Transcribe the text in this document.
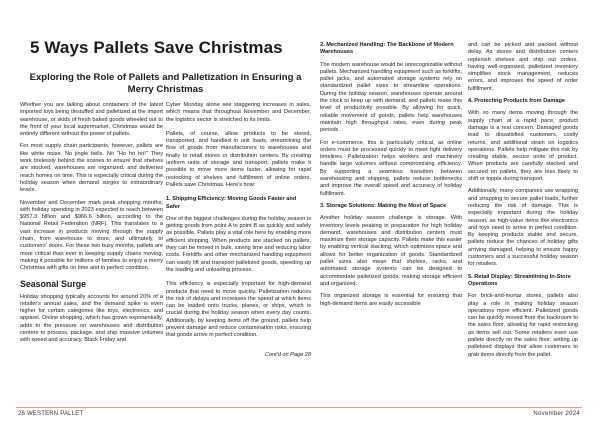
5 Ways Pallets Save Christmas
Exploring the Role of Pallets and Palletization in Ensuring a Merry Christmas

Whether you are talking about containers of the latest imported toys being destuffed and palletized at the import warehouse, or skids of fresh baked goods wheeled out to the front of your local supermarket, Christmas would be entirely different without the power of pallets.

For most supply chain participants, however, pallets are like white noise. No jingle bells. No "Ho ho ho!" They work tirelessly behind the scenes to ensure that shelves are stocked, warehouses are organized, and deliveries reach homes on time. This is especially critical during the holiday season when demand surges to extraordinary levels.

November and December mark peak shopping months, with holiday spending in 2023 expected to reach between $957.3 billion and $966.6 billion, according to the National Retail Federation (NRF). This translates to a vast increase in products moving through the supply chain, from warehouse to store, and ultimately, to customers' doors. For these two busy months, pallets are more critical than ever in keeping supply chains moving, making it possible for millions of families to enjoy a merry Christmas with gifts on time and in perfect condition.

Seasonal Surge

Holiday shopping typically accounts for around 20% of a retailer's annual sales, and the demand spike is even higher for certain categories like toys, electronics, and apparel. Online shopping, which has grown exponentially, adds to the pressure on warehouses and distribution centers to process, package, and ship massive volumes with speed and accuracy. Black Friday and

Cyber Monday alone see staggering increases in sales, which means that throughout November and December, the logistics sector is stretched to its limits.

Pallets, of course, allow products to be stored, transported, and handled in unit loads, streamlining the flow of goods from manufacturers to warehouses and finally to retail stores or distribution centers. By creating uniform units of storage and transport, pallets make it possible to move more items faster, allowing for rapid restocking of shelves and fulfillment of online orders. Pallets save Christmas. Here's how:

1. Shipping Efficiency: Moving Goods Faster and Safer

One of the biggest challenges during the holiday season is getting goods from point A to point B as quickly and safely as possible. Pallets play a vital role here by enabling more efficient shipping. When products are stacked on pallets, they can be moved in bulk, saving time and reducing labor costs. Forklifts and other mechanized handling equipment can easily lift and transport palletized goods, speeding up the loading and unloading process.

This efficiency is especially important for high-demand products that need to move quickly. Palletization reduces the risk of delays and increases the speed at which items can be loaded onto trucks, planes, or ships, which is crucial during the holiday season when every day counts. Additionally, by keeping items off the ground, pallets help prevent damage and reduce contamination risks, ensuring that goods arrive in perfect condition.

Cont'd on Page 28
2. Mechanized Handling: The Backbone of Modern Warehouses

The modern warehouse would be unrecognizable without pallets. Mechanized handling equipment such as forklifts, pallet jacks, and automated storage systems rely on standardized pallet sizes to streamline operations. During the holiday season, warehouses operate around the clock to keep up with demand, and pallets make this level of productivity possible. By allowing for quick, reliable movement of goods, pallets help warehouses maintain high throughput rates, even during peak periods.

For e-commerce, this is particularly critical, as online orders must be processed quickly to meet tight delivery timelines. Palletization helps workers and machinery handle large volumes without compromising efficiency. By supporting a seamless transition between warehousing and shipping, pallets reduce bottlenecks and improve the overall speed and accuracy of holiday fulfillment.

3. Storage Solutions: Making the Most of Space

Another holiday season challenge is storage. With inventory levels peaking in preparation for high holiday demand, warehouses and distribution centers must maximize their storage capacity. Pallets make this easier by enabling vertical stacking, which optimizes space and allows for better organization of goods. Standardized pallet sizes also mean that shelves, racks, and automated storage systems can be designed to accommodate palletized goods, making storage efficient and organized.

This organized storage is essential for ensuring that high-demand items are easily accessible

and can be picked and packed without delay. As stores and distribution centers replenish shelves and ship out orders, having well-organized, palletized inventory simplifies stock management, reduces errors, and improves the speed of order fulfillment.

4. Protecting Products from Damage

With so many items moving through the supply chain at a rapid pace, product damage is a real concern. Damaged goods lead to dissatisfied customers, costly returns, and additional strain on logistics operations. Pallets help mitigate this risk by creating stable, secure units of product. When products are carefully stacked and secured on pallets, they are less likely to shift or topple during transport.

Additionally, many companies use wrapping and strapping to secure pallet loads, further reducing the risk of damage. This is especially important during the holiday season, as high-value items like electronics and toys need to arrive in perfect condition. By keeping products stable and secure, pallets reduce the chances of holiday gifts arriving damaged, helping to ensure happy customers and a successful holiday season for retailers.

5. Retail Display: Streamlining In-Store Operations

For brick-and-mortar stores, pallets also play a role in making holiday season operations more efficient. Palletized goods can be quickly moved from the backroom to the sales floor, allowing for rapid restocking as items sell out. Some retailers even use pallets directly on the sales floor, setting up palletized displays that allow customers to grab items directly from the pallet.

28 WESTERN PALLET	November 2024
